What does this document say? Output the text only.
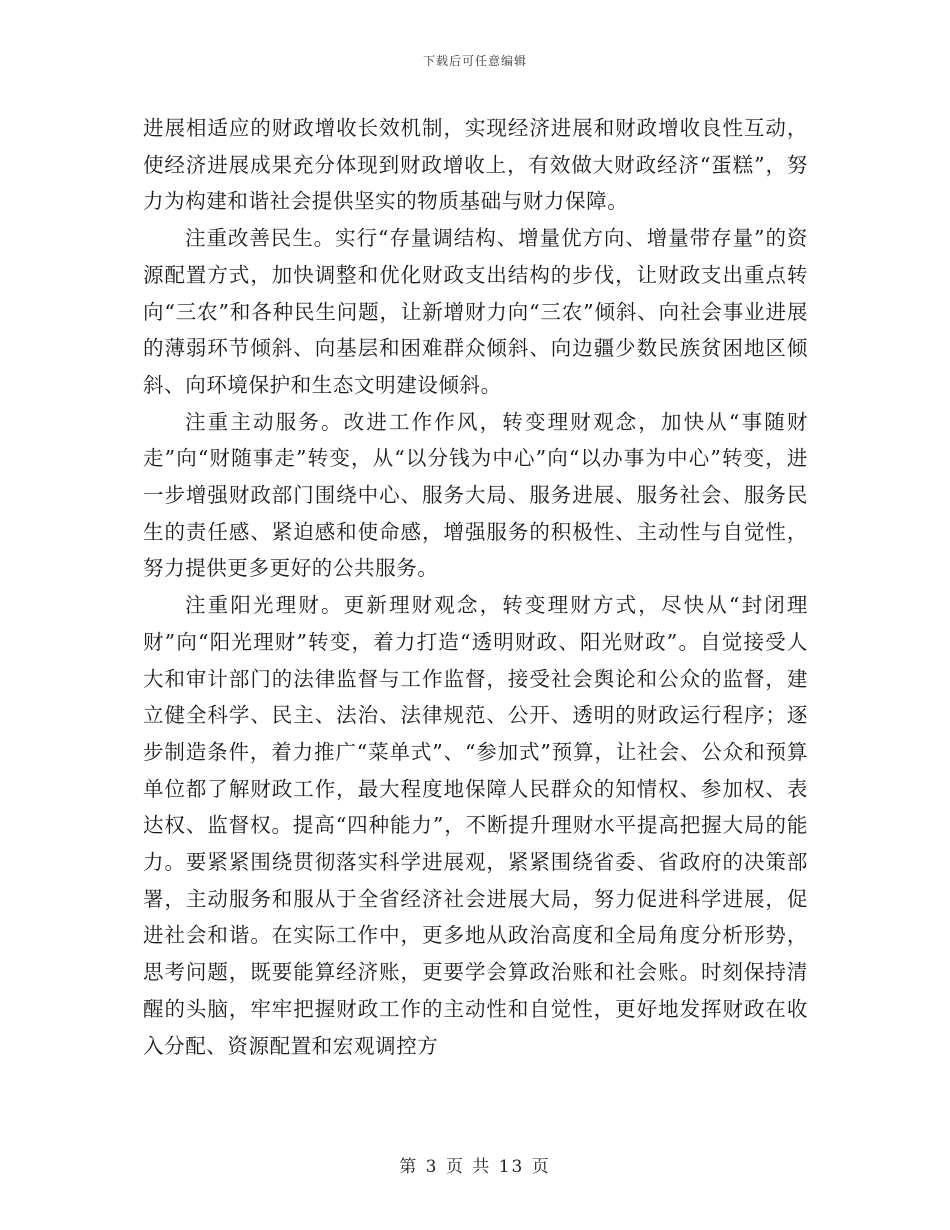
下载后可任意编辑

进展相适应的财政增收长效机制，实现经济进展和财政增收良性互动，使经济进展成果充分体现到财政增收上，有效做大财政经济“蛋糕”，努力为构建和谐社会提供坚实的物质基础与财力保障。

注重改善民生。实行“存量调结构、增量优方向、增量带存量”的资源配置方式，加快调整和优化财政支出结构的步伐，让财政支出重点转向“三农”和各种民生问题，让新增财力向“三农”倾斜、向社会事业进展的薄弱环节倾斜、向基层和困难群众倾斜、向边疆少数民族贫困地区倾斜、向环境保护和生态文明建设倾斜。

注重主动服务。改进工作作风，转变理财观念，加快从“事随财走”向“财随事走”转变，从“以分钱为中心”向“以办事为中心”转变，进一步增强财政部门围绕中心、服务大局、服务进展、服务社会、服务民生的责任感、紧迫感和使命感，增强服务的积极性、主动性与自觉性，努力提供更多更好的公共服务。

注重阳光理财。更新理财观念，转变理财方式，尽快从“封闭理财”向“阳光理财”转变，着力打造“透明财政、阳光财政”。自觉接受人大和审计部门的法律监督与工作监督，接受社会舆论和公众的监督，建立健全科学、民主、法治、法律规范、公开、透明的财政运行程序；逐步制造条件，着力推广“菜单式”、“参加式”预算，让社会、公众和预算单位都了解财政工作，最大程度地保障人民群众的知情权、参加权、表达权、监督权。提高“四种能力”，不断提升理财水平提高把握大局的能力。要紧紧围绕贯彻落实科学进展观，紧紧围绕省委、省政府的决策部署，主动服务和服从于全省经济社会进展大局，努力促进科学进展，促进社会和谐。在实际工作中，更多地从政治高度和全局角度分析形势，思考问题，既要能算经济账，更要学会算政治账和社会账。时刻保持清醒的头脑，牢牢把握财政工作的主动性和自觉性，更好地发挥财政在收入分配、资源配置和宏观调控方

第 3 页 共 13 页
